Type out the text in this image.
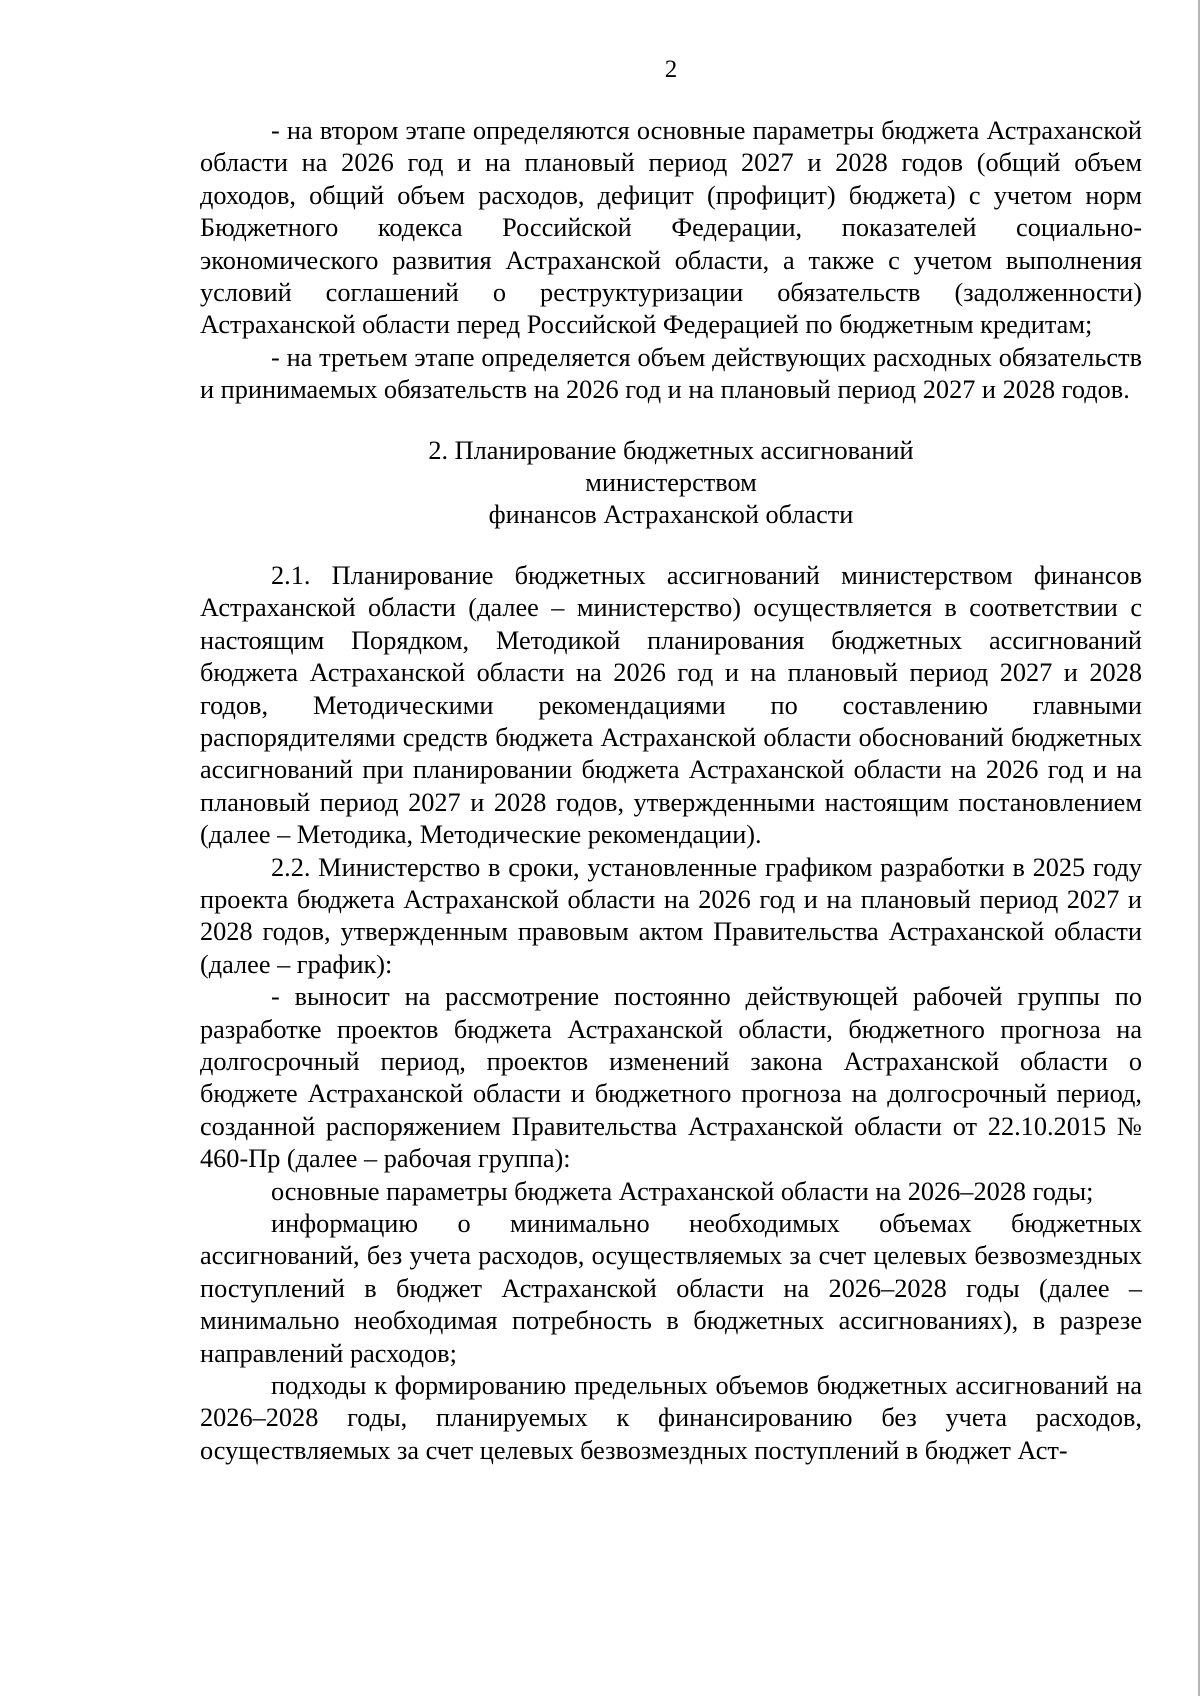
2

- на втором этапе определяются основные параметры бюджета Астраханской области на 2026 год и на плановый период 2027 и 2028 годов (общий объем доходов, общий объем расходов, дефицит (профицит) бюджета) с учетом норм Бюджетного кодекса Российской Федерации, показателей социально-экономического развития Астраханской области, а также с учетом выполнения условий соглашений о реструктуризации обязательств (задолженности) Астраханской области перед Российской Федерацией по бюджетным кредитам;

- на третьем этапе определяется объем действующих расходных обязательств и принимаемых обязательств на 2026 год и на плановый период 2027 и 2028 годов.

2. Планирование бюджетных ассигнований министерством
финансов Астраханской области

2.1. Планирование бюджетных ассигнований министерством финансов Астраханской области (далее – министерство) осуществляется в соответствии с настоящим Порядком, Методикой планирования бюджетных ассигнований бюджета Астраханской области на 2026 год и на плановый период 2027 и 2028 годов, Методическими рекомендациями по составлению главными распорядителями средств бюджета Астраханской области обоснований бюджетных ассигнований при планировании бюджета Астраханской области на 2026 год и на плановый период 2027 и 2028 годов, утвержденными настоящим постановлением (далее – Методика, Методические рекомендации).

2.2. Министерство в сроки, установленные графиком разработки в 2025 году проекта бюджета Астраханской области на 2026 год и на плановый период 2027 и 2028 годов, утвержденным правовым актом Правительства Астраханской области (далее – график):

- выносит на рассмотрение постоянно действующей рабочей группы по разработке проектов бюджета Астраханской области, бюджетного прогноза на долгосрочный период, проектов изменений закона Астраханской области о бюджете Астраханской области и бюджетного прогноза на долгосрочный период, созданной распоряжением Правительства Астраханской области от 22.10.2015 № 460-Пр (далее – рабочая группа):

основные параметры бюджета Астраханской области на 2026–2028 годы;

информацию о минимально необходимых объемах бюджетных ассигнований, без учета расходов, осуществляемых за счет целевых безвозмездных поступлений в бюджет Астраханской области на 2026–2028 годы (далее – минимально необходимая потребность в бюджетных ассигнованиях), в разрезе направлений расходов;

подходы к формированию предельных объемов бюджетных ассигнований на 2026–2028 годы, планируемых к финансированию без учета расходов, осуществляемых за счет целевых безвозмездных поступлений в бюджет Аст-
